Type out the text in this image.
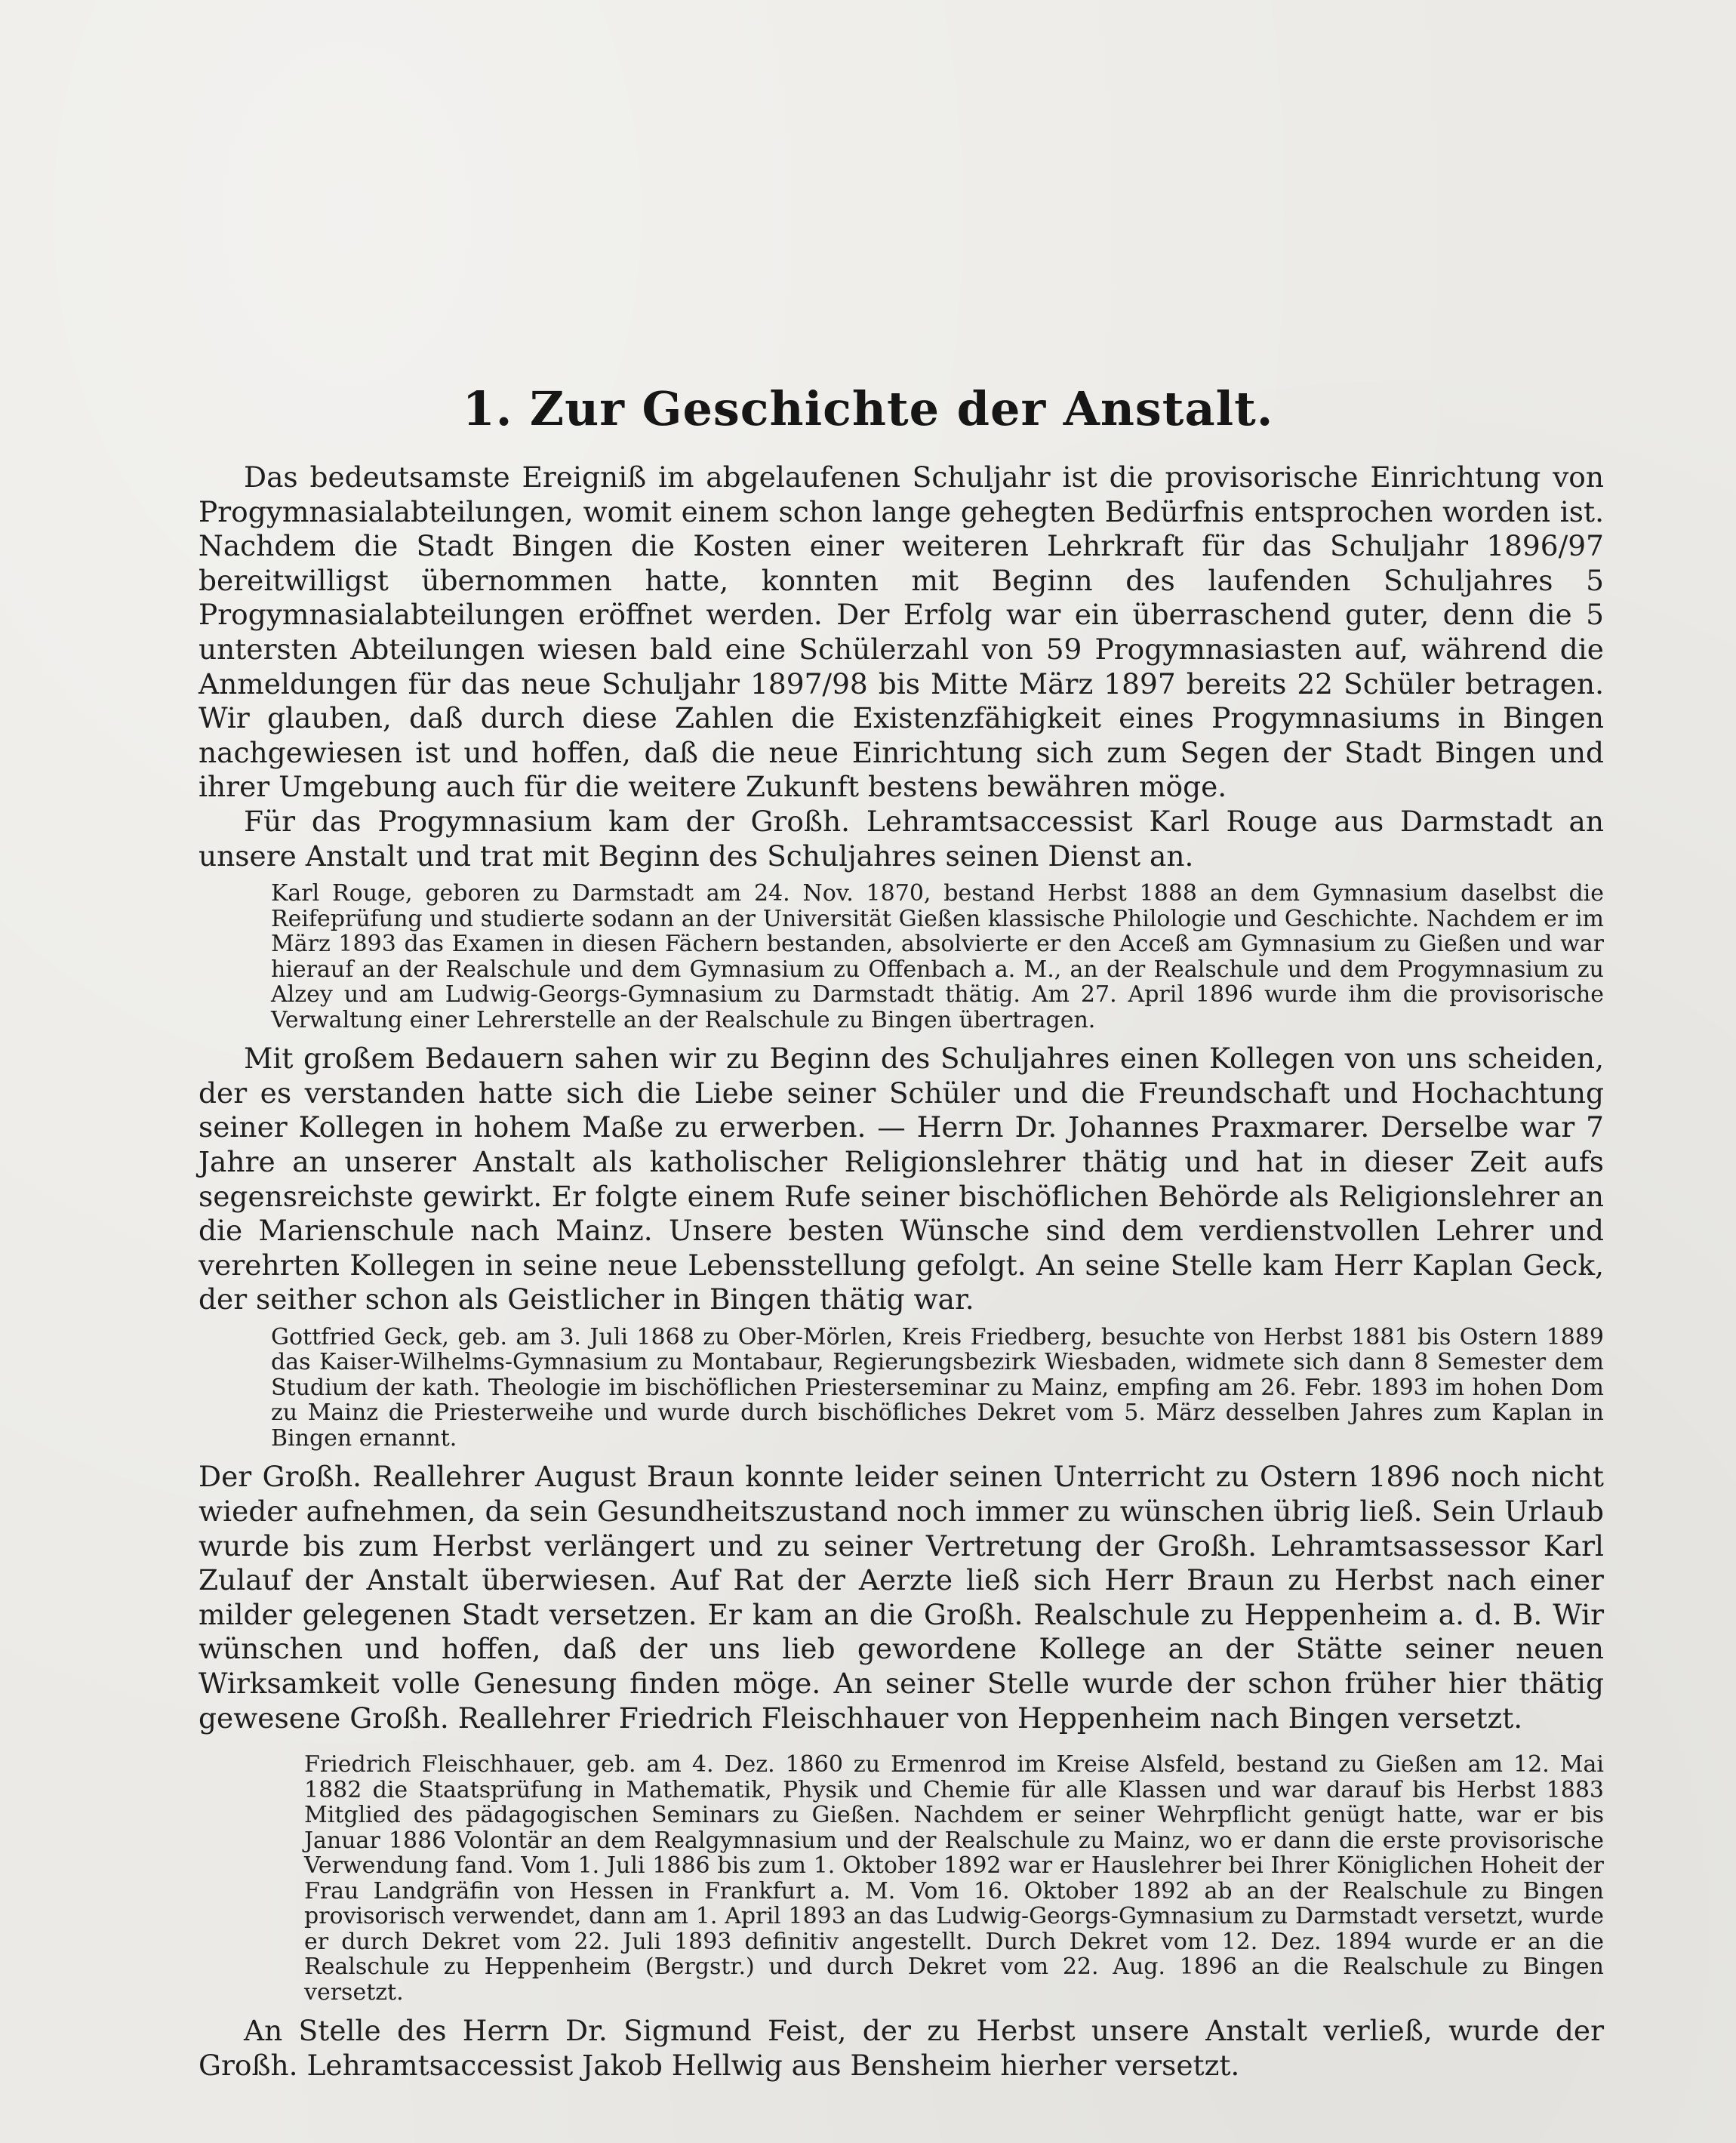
1. Zur Geschichte der Anstalt.

Das bedeutsamste Ereigniß im abgelaufenen Schuljahr ist die provisorische Einrichtung von Progymnasialabteilungen, womit einem schon lange gehegten Bedürfnis entsprochen worden ist. Nachdem die Stadt Bingen die Kosten einer weiteren Lehrkraft für das Schuljahr 1896/97 bereitwilligst übernommen hatte, konnten mit Beginn des laufenden Schuljahres 5 Progymnasialabteilungen eröffnet werden. Der Erfolg war ein überraschend guter, denn die 5 untersten Abteilungen wiesen bald eine Schülerzahl von 59 Progymnasiasten auf, während die Anmeldungen für das neue Schuljahr 1897/98 bis Mitte März 1897 bereits 22 Schüler betragen. Wir glauben, daß durch diese Zahlen die Existenzfähigkeit eines Progymnasiums in Bingen nachgewiesen ist und hoffen, daß die neue Einrichtung sich zum Segen der Stadt Bingen und ihrer Umgebung auch für die weitere Zukunft bestens bewähren möge.

Für das Progymnasium kam der Großh. Lehramtsaccessist Karl Rouge aus Darmstadt an unsere Anstalt und trat mit Beginn des Schuljahres seinen Dienst an.

Karl Rouge, geboren zu Darmstadt am 24. Nov. 1870, bestand Herbst 1888 an dem Gymnasium daselbst die Reifeprüfung und studierte sodann an der Universität Gießen klassische Philologie und Geschichte. Nachdem er im März 1893 das Examen in diesen Fächern bestanden, absolvierte er den Acceß am Gymnasium zu Gießen und war hierauf an der Realschule und dem Gymnasium zu Offenbach a. M., an der Realschule und dem Progymnasium zu Alzey und am Ludwig-Georgs-Gymnasium zu Darmstadt thätig. Am 27. April 1896 wurde ihm die provisorische Verwaltung einer Lehrerstelle an der Realschule zu Bingen übertragen.

Mit großem Bedauern sahen wir zu Beginn des Schuljahres einen Kollegen von uns scheiden, der es verstanden hatte sich die Liebe seiner Schüler und die Freundschaft und Hochachtung seiner Kollegen in hohem Maße zu erwerben. — Herrn Dr. Johannes Praxmarer. Derselbe war 7 Jahre an unserer Anstalt als katholischer Religionslehrer thätig und hat in dieser Zeit aufs segensreichste gewirkt. Er folgte einem Rufe seiner bischöflichen Behörde als Religionslehrer an die Marienschule nach Mainz. Unsere besten Wünsche sind dem verdienstvollen Lehrer und verehrten Kollegen in seine neue Lebensstellung gefolgt. An seine Stelle kam Herr Kaplan Geck, der seither schon als Geistlicher in Bingen thätig war.

Gottfried Geck, geb. am 3. Juli 1868 zu Ober-Mörlen, Kreis Friedberg, besuchte von Herbst 1881 bis Ostern 1889 das Kaiser-Wilhelms-Gymnasium zu Montabaur, Regierungsbezirk Wiesbaden, widmete sich dann 8 Semester dem Studium der kath. Theologie im bischöflichen Priesterseminar zu Mainz, empfing am 26. Febr. 1893 im hohen Dom zu Mainz die Priesterweihe und wurde durch bischöfliches Dekret vom 5. März desselben Jahres zum Kaplan in Bingen ernannt.

Der Großh. Reallehrer August Braun konnte leider seinen Unterricht zu Ostern 1896 noch nicht wieder aufnehmen, da sein Gesundheitszustand noch immer zu wünschen übrig ließ. Sein Urlaub wurde bis zum Herbst verlängert und zu seiner Vertretung der Großh. Lehramtsassessor Karl Zulauf der Anstalt überwiesen. Auf Rat der Aerzte ließ sich Herr Braun zu Herbst nach einer milder gelegenen Stadt versetzen. Er kam an die Großh. Realschule zu Heppenheim a. d. B. Wir wünschen und hoffen, daß der uns lieb gewordene Kollege an der Stätte seiner neuen Wirksamkeit volle Genesung finden möge. An seiner Stelle wurde der schon früher hier thätig gewesene Großh. Reallehrer Friedrich Fleischhauer von Heppenheim nach Bingen versetzt.

Friedrich Fleischhauer, geb. am 4. Dez. 1860 zu Ermenrod im Kreise Alsfeld, bestand zu Gießen am 12. Mai 1882 die Staatsprüfung in Mathematik, Physik und Chemie für alle Klassen und war darauf bis Herbst 1883 Mitglied des pädagogischen Seminars zu Gießen. Nachdem er seiner Wehrpflicht genügt hatte, war er bis Januar 1886 Volontär an dem Realgymnasium und der Realschule zu Mainz, wo er dann die erste provisorische Verwendung fand. Vom 1. Juli 1886 bis zum 1. Oktober 1892 war er Hauslehrer bei Ihrer Königlichen Hoheit der Frau Landgräfin von Hessen in Frankfurt a. M. Vom 16. Oktober 1892 ab an der Realschule zu Bingen provisorisch verwendet, dann am 1. April 1893 an das Ludwig-Georgs-Gymnasium zu Darmstadt versetzt, wurde er durch Dekret vom 22. Juli 1893 definitiv angestellt. Durch Dekret vom 12. Dez. 1894 wurde er an die Realschule zu Heppenheim (Bergstr.) und durch Dekret vom 22. Aug. 1896 an die Realschule zu Bingen versetzt.

An Stelle des Herrn Dr. Sigmund Feist, der zu Herbst unsere Anstalt verließ, wurde der Großh. Lehramtsaccessist Jakob Hellwig aus Bensheim hierher versetzt.
